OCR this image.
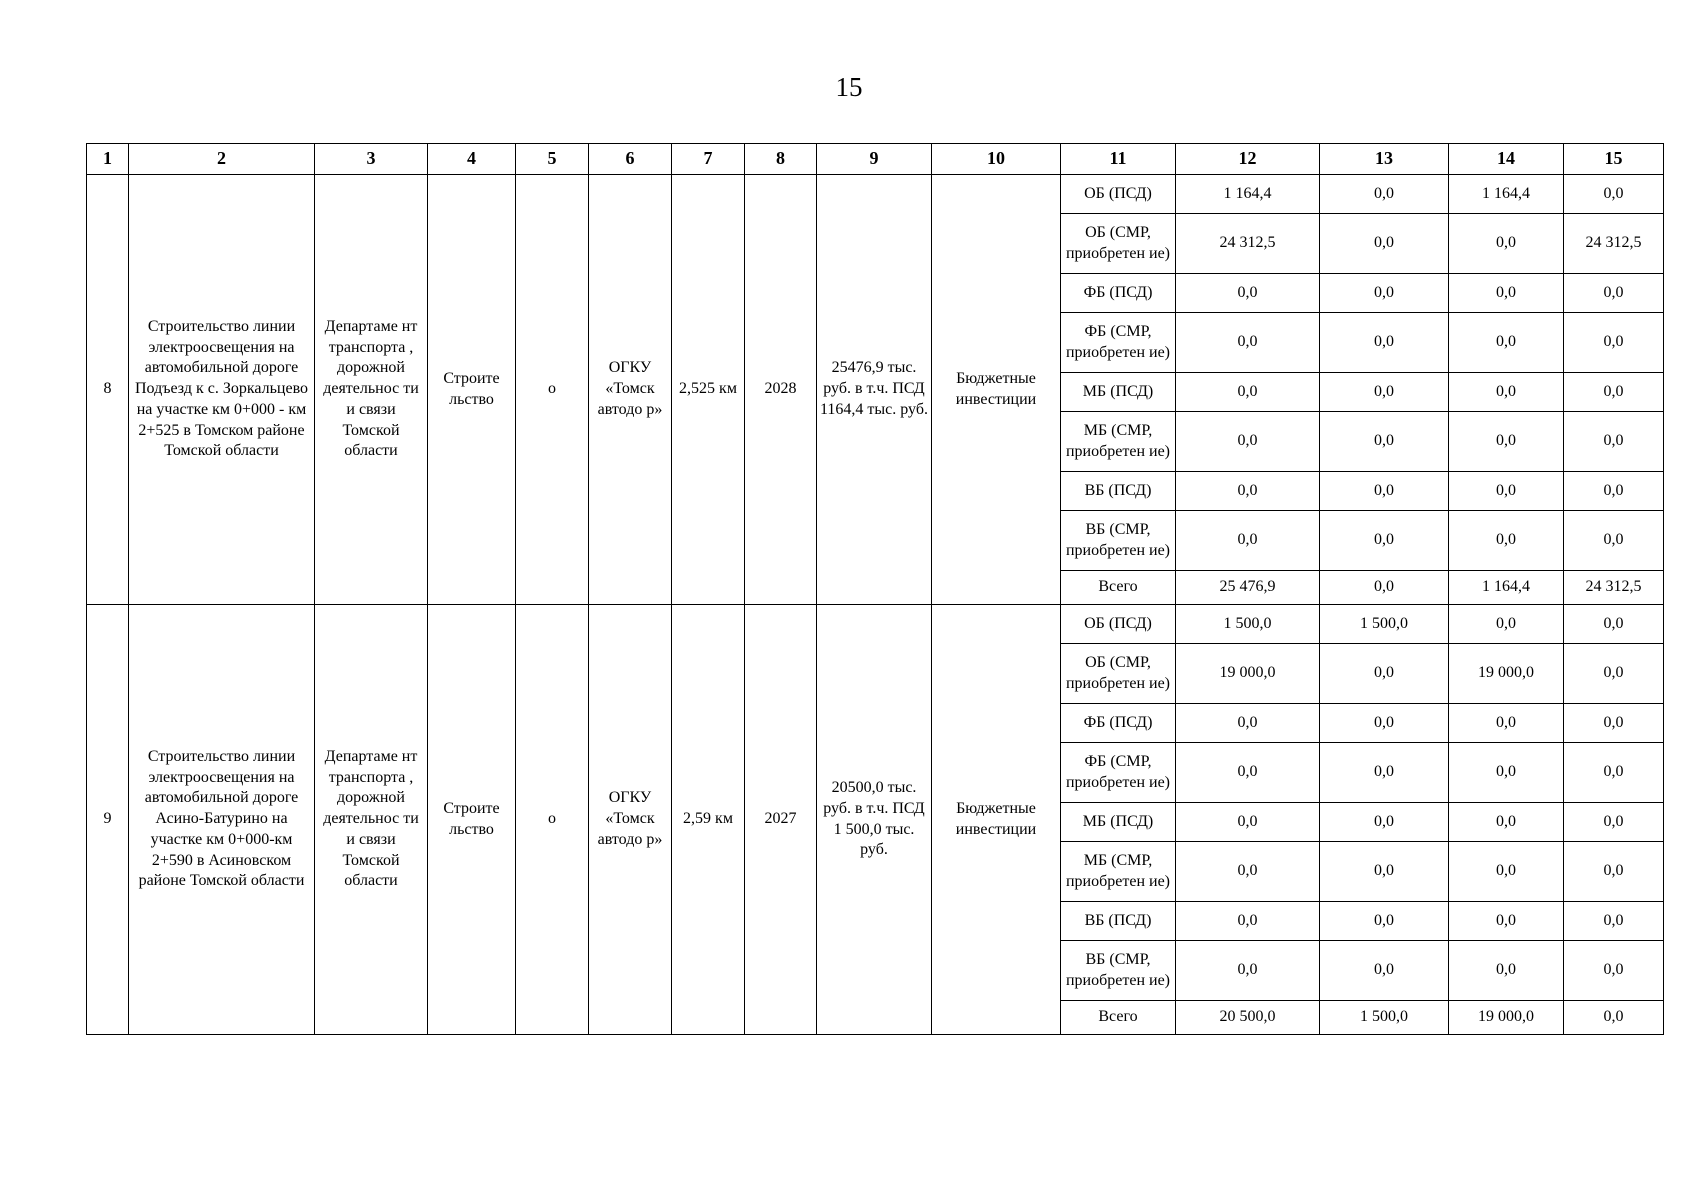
15
1	2	3	4	5	6	7	8	9	10	11	12	13	14	15
8	Строительство линии электроосвещения на автомобильной дороге Подъезд к с. Зоркальцево на участке км 0+000 - км 2+525 в Томском районе Томской области	Департаме нт транспорта , дорожной деятельнос ти и связи Томской области	Строите льство	о	ОГКУ «Томск автодо р»	2,525 км	2028	25476,9 тыс. руб. в т.ч. ПСД 1164,4 тыс. руб.	Бюджетные инвестиции	ОБ (ПСД)	1 164,4	0,0	1 164,4	0,0
										ОБ (СМР, приобретен ие)	24 312,5	0,0	0,0	24 312,5
										ФБ (ПСД)	0,0	0,0	0,0	0,0
										ФБ (СМР, приобретен ие)	0,0	0,0	0,0	0,0
										МБ (ПСД)	0,0	0,0	0,0	0,0
										МБ (СМР, приобретен ие)	0,0	0,0	0,0	0,0
										ВБ (ПСД)	0,0	0,0	0,0	0,0
										ВБ (СМР, приобретен ие)	0,0	0,0	0,0	0,0
										Всего	25 476,9	0,0	1 164,4	24 312,5
9	Строительство линии электроосвещения на автомобильной дороге Асино-Батурино на участке км 0+000-км 2+590 в Асиновском районе Томской области	Департаме нт транспорта , дорожной деятельнос ти и связи Томской области	Строите льство	о	ОГКУ «Томск автодо р»	2,59 км	2027	20500,0 тыс. руб. в т.ч. ПСД 1 500,0 тыс. руб.	Бюджетные инвестиции	ОБ (ПСД)	1 500,0	1 500,0	0,0	0,0
										ОБ (СМР, приобретен ие)	19 000,0	0,0	19 000,0	0,0
										ФБ (ПСД)	0,0	0,0	0,0	0,0
										ФБ (СМР, приобретен ие)	0,0	0,0	0,0	0,0
										МБ (ПСД)	0,0	0,0	0,0	0,0
										МБ (СМР, приобретен ие)	0,0	0,0	0,0	0,0
										ВБ (ПСД)	0,0	0,0	0,0	0,0
										ВБ (СМР, приобретен ие)	0,0	0,0	0,0	0,0
										Всего	20 500,0	1 500,0	19 000,0	0,0
